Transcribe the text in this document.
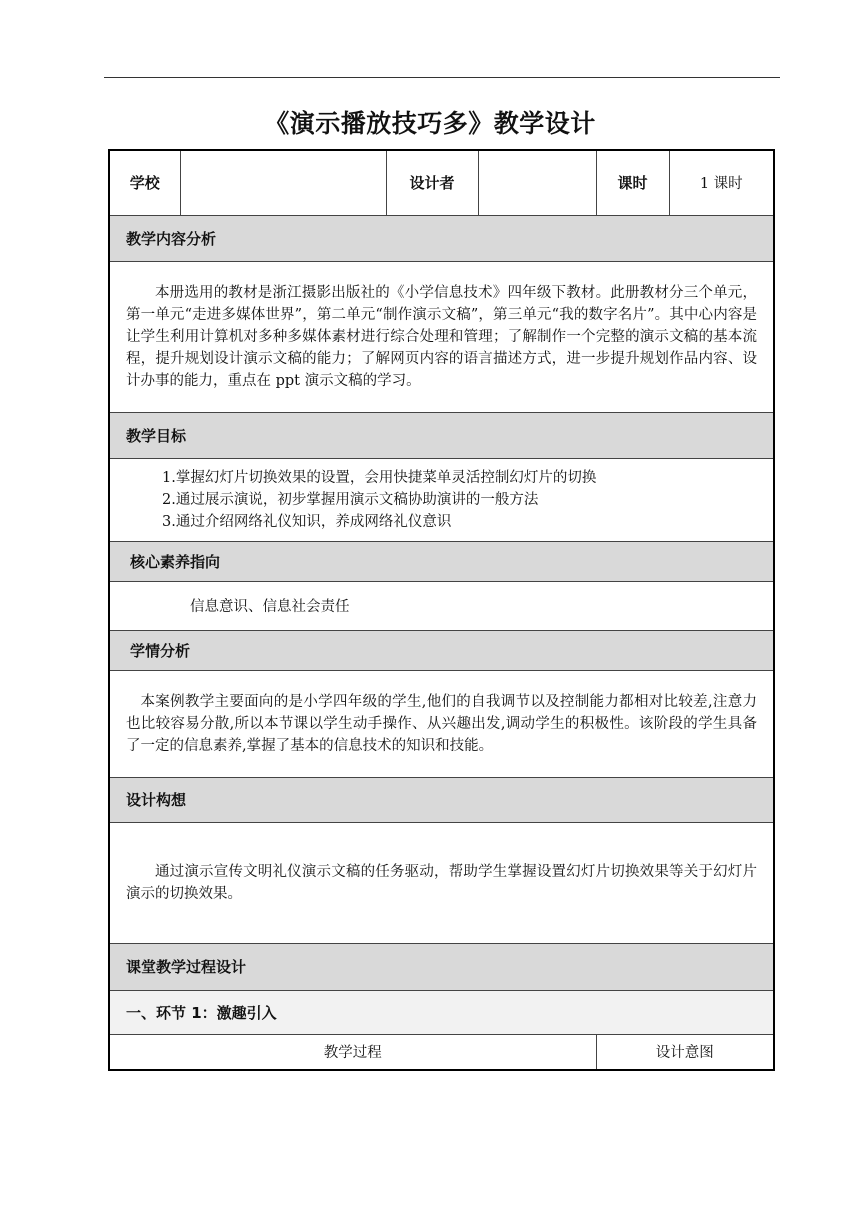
《演示播放技巧多》教学设计
学校		设计者		课时	1 课时
教学内容分析					
本册选用的教材是浙江摄影出版社的《小学信息技术》四年级下教材。此册教材分三个单元，第一单元“走进多媒体世界”，第二单元“制作演示文稿”，第三单元“我的数字名片”。其中心内容是让学生利用计算机对多种多媒体素材进行综合处理和管理；了解制作一个完整的演示文稿的基本流程，提升规划设计演示文稿的能力；了解网页内容的语言描述方式，进一步提升规划作品内容、设计办事的能力，重点在 ppt 演示文稿的学习。					
教学目标					

1.掌握幻灯片切换效果的设置，会用快捷菜单灵活控制幻灯片的切换
2.通过展示演说，初步掌握用演示文稿协助演讲的一般方法
3.通过介绍网络礼仪知识，养成网络礼仪意识					

核心素养指向					
信息意识、信息社会责任					
学情分析					
本案例教学主要面向的是小学四年级的学生,他们的自我调节以及控制能力都相对比较差,注意力也比较容易分散,所以本节课以学生动手操作、从兴趣出发,调动学生的积极性。该阶段的学生具备了一定的信息素养,掌握了基本的信息技术的知识和技能。					
设计构想					
通过演示宣传文明礼仪演示文稿的任务驱动，帮助学生掌握设置幻灯片切换效果等关于幻灯片演示的切换效果。					
课堂教学过程设计					
一、环节 1：激趣引入					
教学过程				设计意图	
